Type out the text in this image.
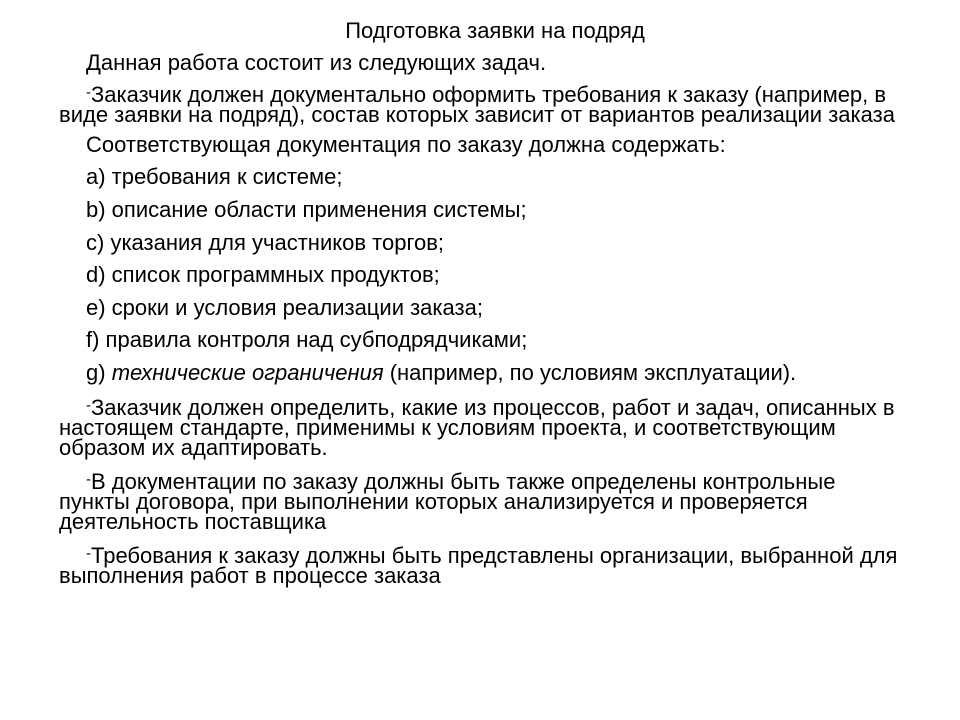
Подготовка заявки на подряд

Данная работа состоит из следующих задач.

-Заказчик должен документально оформить требования к заказу (например, в виде заявки на подряд), состав которых зависит от вариантов реализации заказа

Соответствующая документация по заказу должна содержать:

a) требования к системе;

b) описание области применения системы;

c) указания для участников торгов;

d) список программных продуктов;

e) сроки и условия реализации заказа;

f) правила контроля над субподрядчиками;

g) технические ограничения (например, по условиям эксплуатации).

-Заказчик должен определить, какие из процессов, работ и задач, описанных в настоящем стандарте, применимы к условиям проекта, и соответствующим образом их адаптировать.

-В документации по заказу должны быть также определены контрольные пункты договора, при выполнении которых анализируется и проверяется деятельность поставщика

-Требования к заказу должны быть представлены организации, выбранной для выполнения работ в процессе заказа
